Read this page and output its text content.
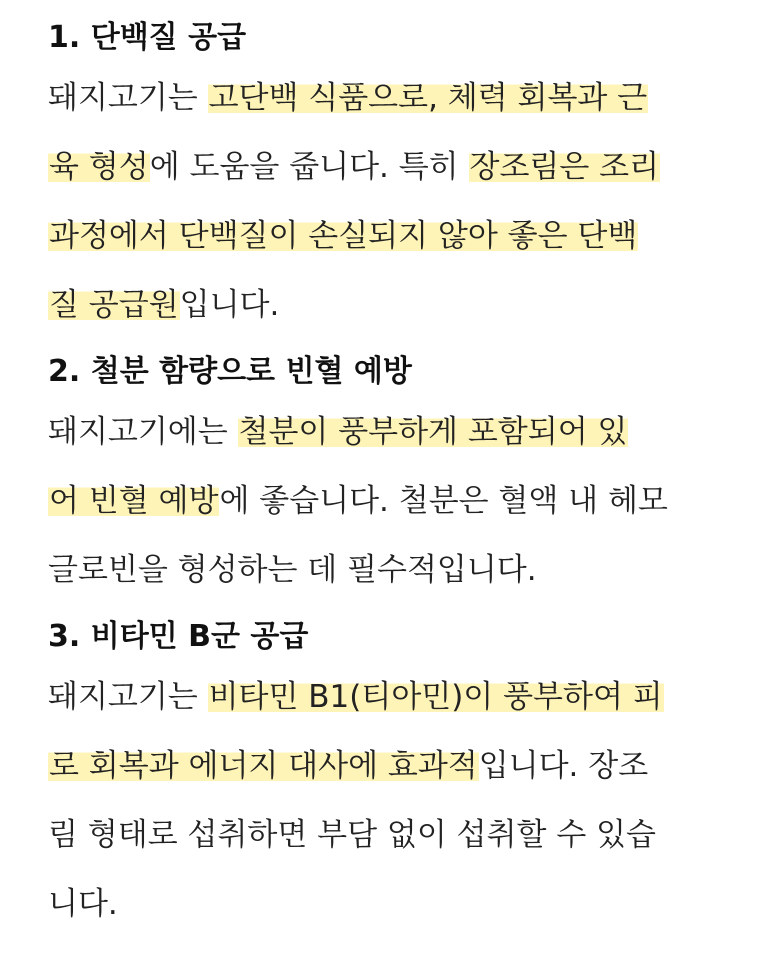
1. 단백질 공급

돼지고기는 고단백 식품으로, 체력 회복과 근

육 형성에 도움을 줍니다. 특히 장조림은 조리

과정에서 단백질이 손실되지 않아 좋은 단백

질 공급원입니다.

2. 철분 함량으로 빈혈 예방

돼지고기에는 철분이 풍부하게 포함되어 있

어 빈혈 예방에 좋습니다. 철분은 혈액 내 헤모

글로빈을 형성하는 데 필수적입니다.

3. 비타민 B군 공급

돼지고기는 비타민 B1(티아민)이 풍부하여 피

로 회복과 에너지 대사에 효과적입니다. 장조

림 형태로 섭취하면 부담 없이 섭취할 수 있습

니다.
